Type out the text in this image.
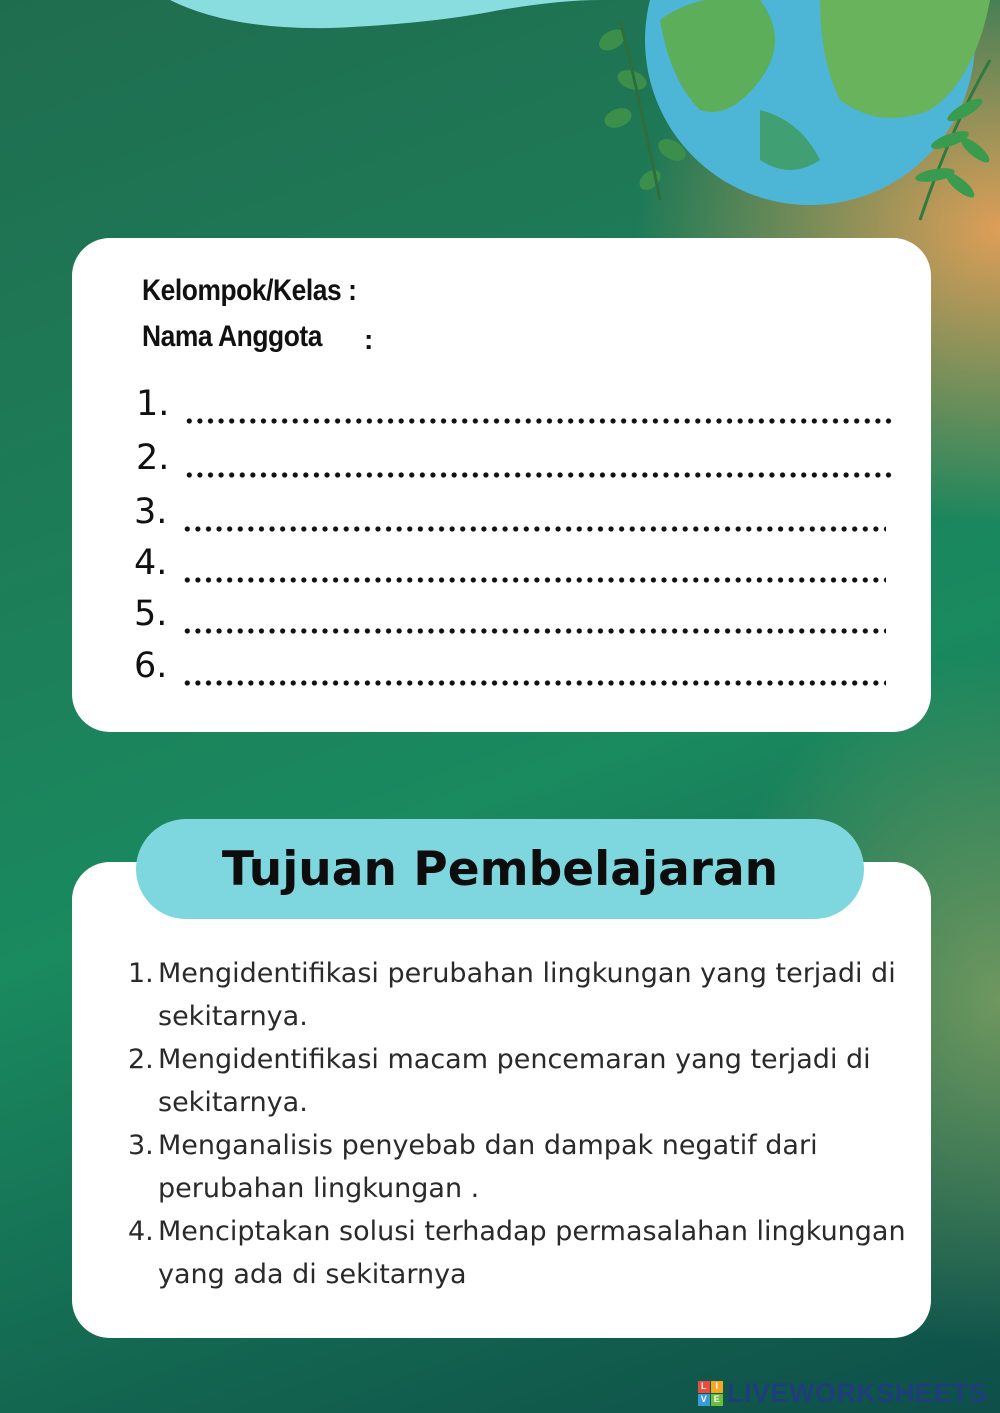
Kelompok/Kelas :
Nama Anggota :
1.
2.
3.
4.
5.
6.
Tujuan Pembelajaran
1. Mengidentifikasi perubahan lingkungan yang terjadi di sekitarnya.
2. Mengidentifikasi macam pencemaran yang terjadi di sekitarnya.
3. Menganalisis penyebab dan dampak negatif dari perubahan lingkungan .
4. Menciptakan solusi terhadap permasalahan lingkungan yang ada di sekitarnya
L I
V E LIVEWORKSHEETS
